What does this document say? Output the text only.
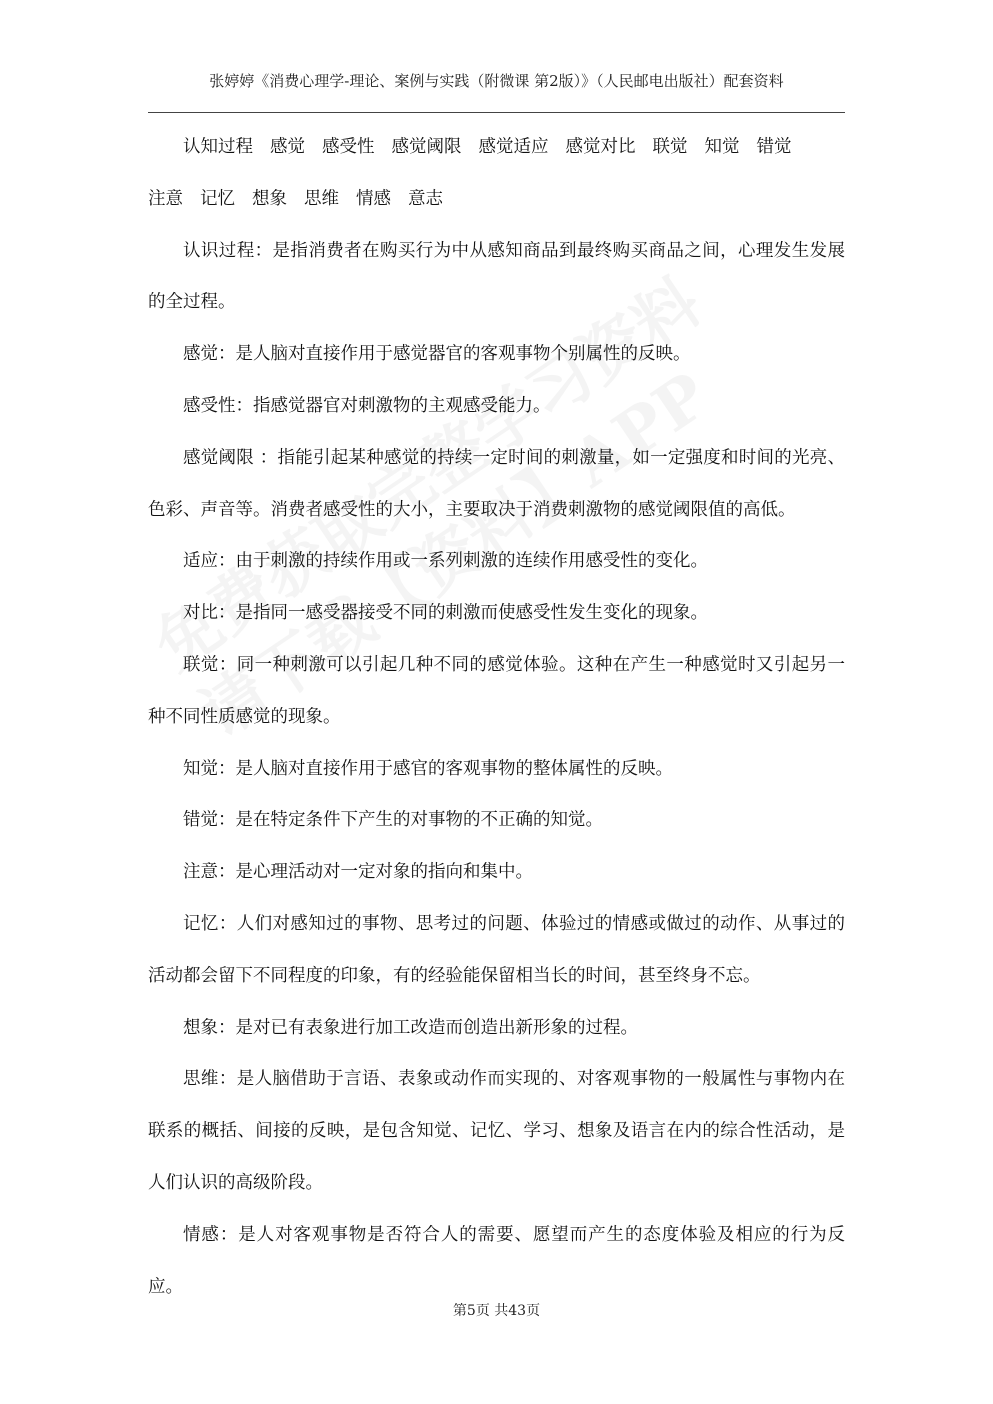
张婷婷《消费心理学-理论、案例与实践（附微课 第2版）》（人民邮电出版社）配套资料
认知过程 感觉 感受性 感觉阈限 感觉适应 感觉对比 联觉 知觉 错觉
注意 记忆 想象 思维 情感 意志

认识过程：是指消费者在购买行为中从感知商品到最终购买商品之间，心理发生发展的全过程。

感觉：是人脑对直接作用于感觉器官的客观事物个别属性的反映。

感受性：指感觉器官对刺激物的主观感受能力。

感觉阈限 ：指能引起某种感觉的持续一定时间的刺激量，如一定强度和时间的光亮、色彩、声音等。消费者感受性的大小，主要取决于消费刺激物的感觉阈限值的高低。

适应：由于刺激的持续作用或一系列刺激的连续作用感受性的变化。

对比：是指同一感受器接受不同的刺激而使感受性发生变化的现象。

联觉：同一种刺激可以引起几种不同的感觉体验。这种在产生一种感觉时又引起另一种不同性质感觉的现象。

知觉：是人脑对直接作用于感官的客观事物的整体属性的反映。

错觉：是在特定条件下产生的对事物的不正确的知觉。

注意：是心理活动对一定对象的指向和集中。

记忆：人们对感知过的事物、思考过的问题、体验过的情感或做过的动作、从事过的活动都会留下不同程度的印象，有的经验能保留相当长的时间，甚至终身不忘。

想象：是对已有表象进行加工改造而创造出新形象的过程。

思维：是人脑借助于言语、表象或动作而实现的、对客观事物的一般属性与事物内在联系的概括、间接的反映，是包含知觉、记忆、学习、想象及语言在内的综合性活动，是人们认识的高级阶段。

情感：是人对客观事物是否符合人的需要、愿望而产生的态度体验及相应的行为反应。

第5页 共43页
